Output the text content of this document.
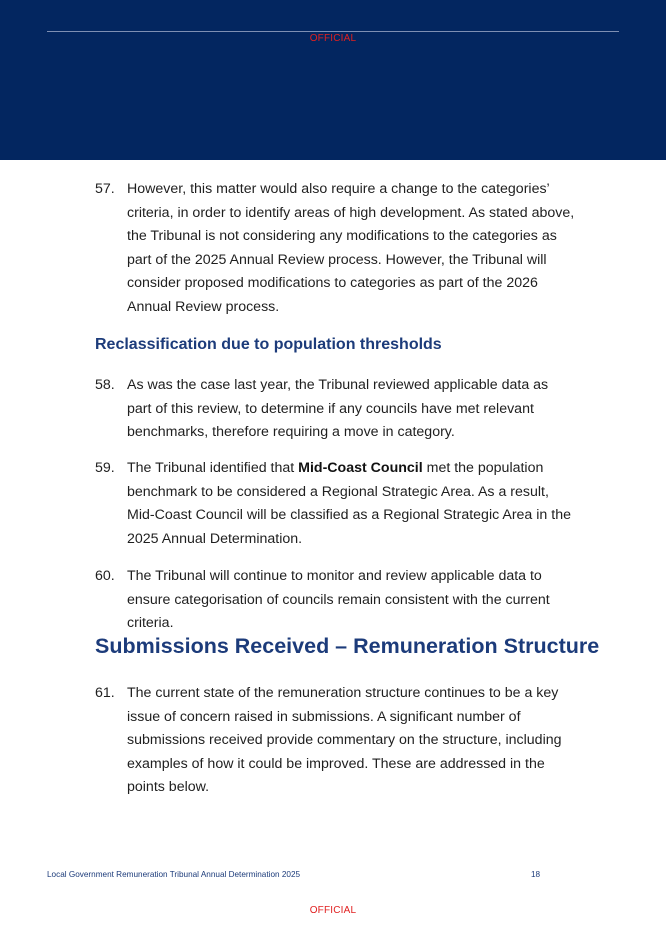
OFFICIAL
57. However, this matter would also require a change to the categories’ criteria, in order to identify areas of high development. As stated above, the Tribunal is not considering any modifications to the categories as part of the 2025 Annual Review process. However, the Tribunal will consider proposed modifications to categories as part of the 2026 Annual Review process.
Reclassification due to population thresholds
58. As was the case last year, the Tribunal reviewed applicable data as part of this review, to determine if any councils have met relevant benchmarks, therefore requiring a move in category.
59. The Tribunal identified that Mid-Coast Council met the population benchmark to be considered a Regional Strategic Area. As a result, Mid-Coast Council will be classified as a Regional Strategic Area in the 2025 Annual Determination.
60. The Tribunal will continue to monitor and review applicable data to ensure categorisation of councils remain consistent with the current criteria.
Submissions Received – Remuneration Structure
61. The current state of the remuneration structure continues to be a key issue of concern raised in submissions. A significant number of submissions received provide commentary on the structure, including examples of how it could be improved. These are addressed in the points below.
Local Government Remuneration Tribunal Annual Determination 2025	18
OFFICIAL
